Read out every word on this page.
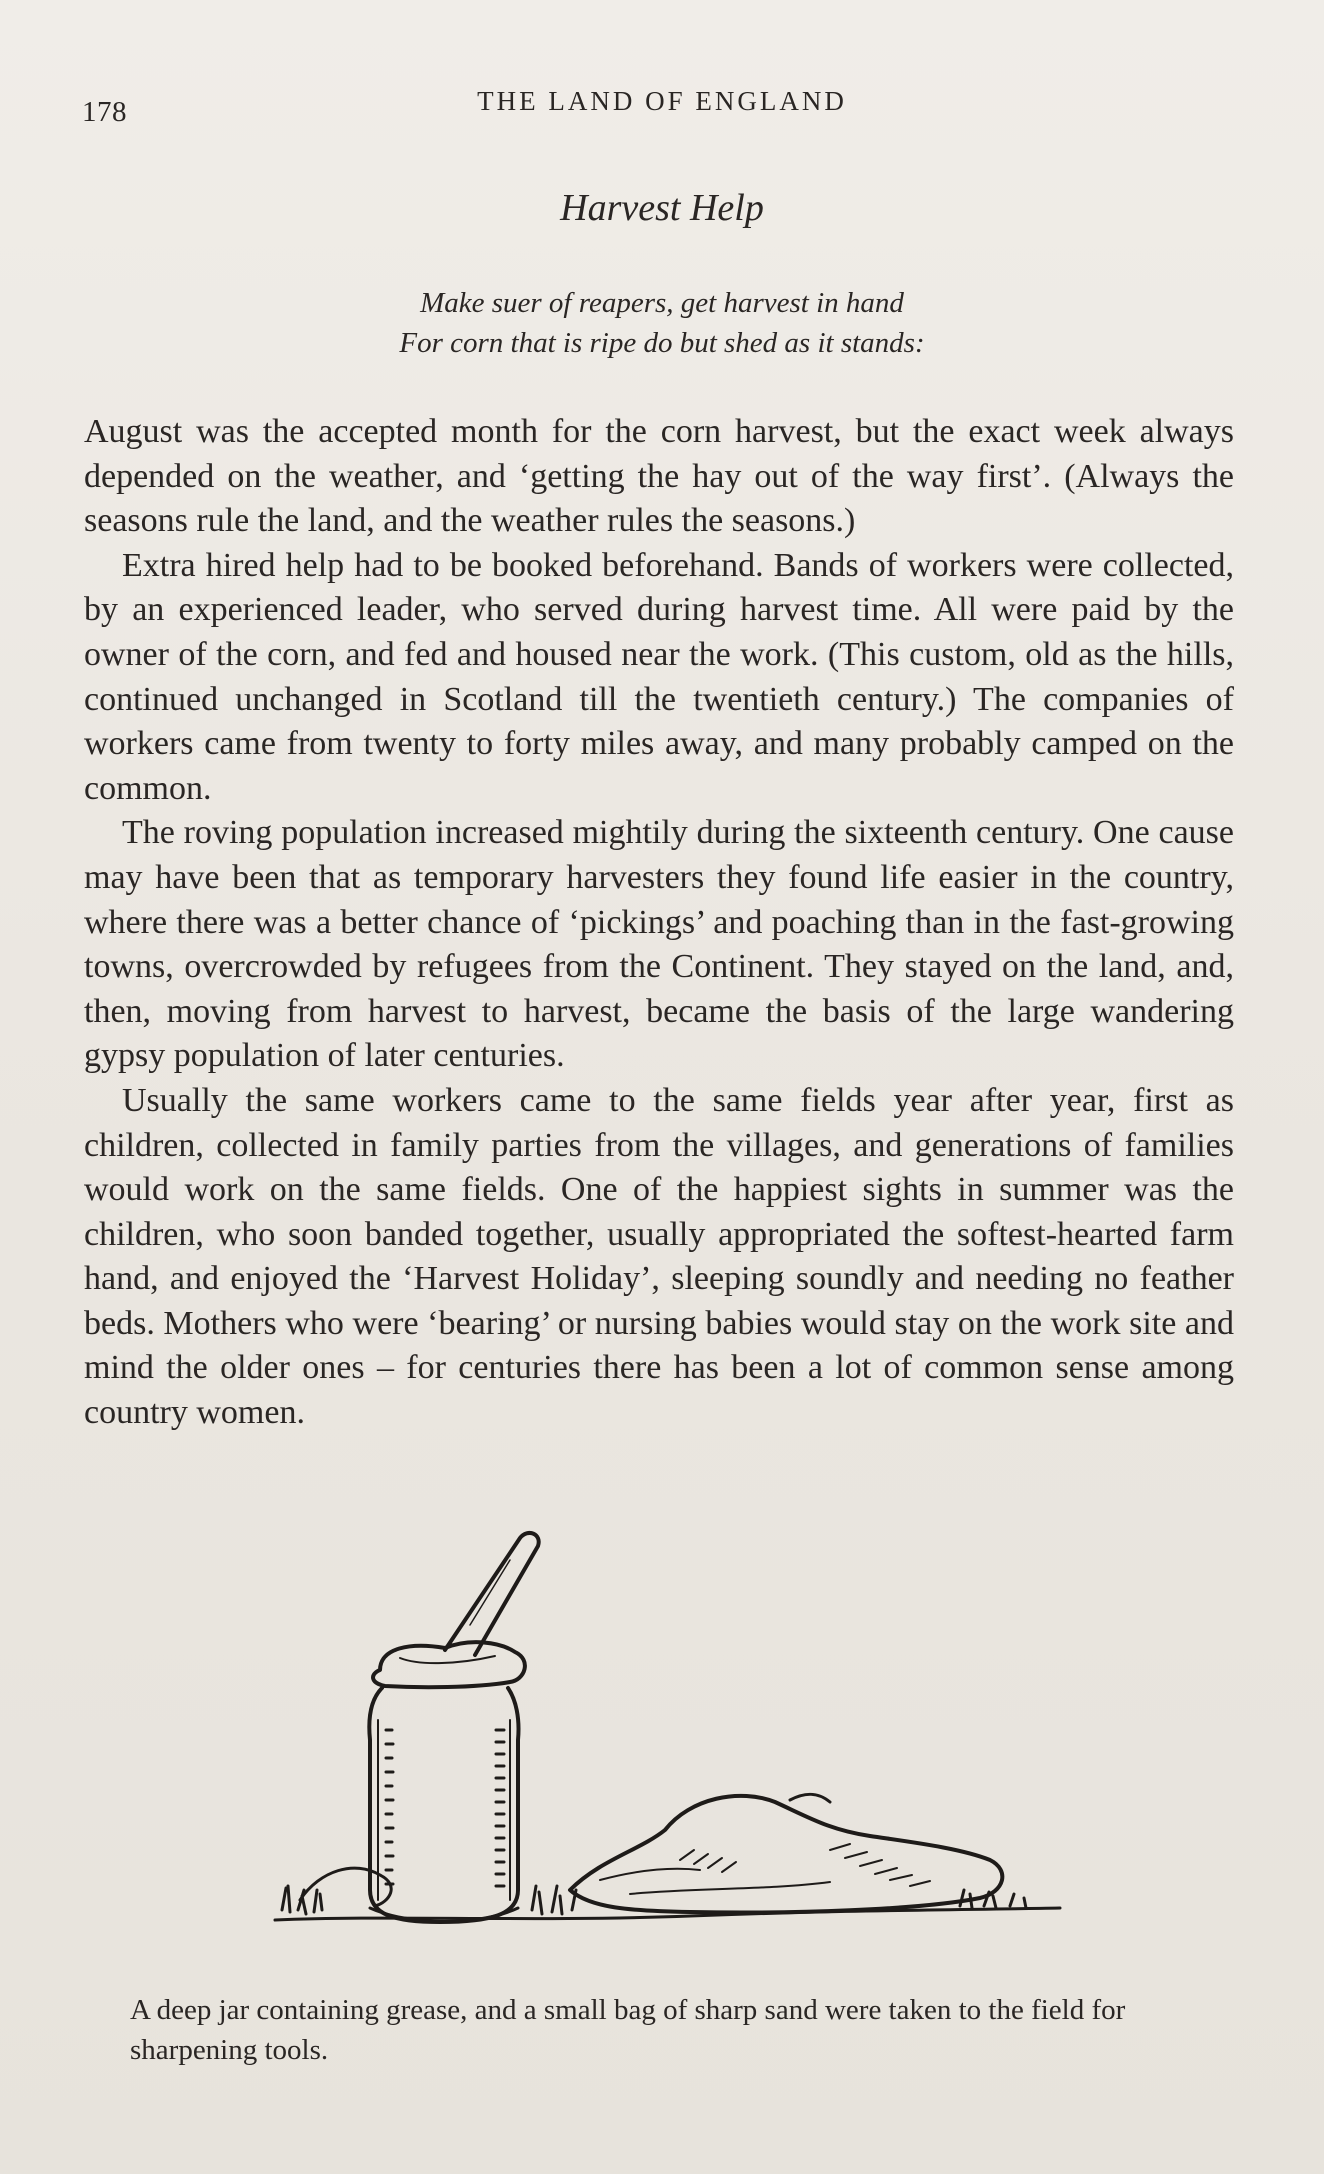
178	THE LAND OF ENGLAND
Harvest Help
Make suer of reapers, get harvest in hand
For corn that is ripe do but shed as it stands:

August was the accepted month for the corn harvest, but the exact week always depended on the weather, and ‘getting the hay out of the way first’. (Always the seasons rule the land, and the weather rules the seasons.)

Extra hired help had to be booked beforehand. Bands of workers were collected, by an experienced leader, who served during harvest time. All were paid by the owner of the corn, and fed and housed near the work. (This custom, old as the hills, continued unchanged in Scotland till the twentieth century.) The companies of workers came from twenty to forty miles away, and many probably camped on the common.

The roving population increased mightily during the sixteenth century. One cause may have been that as temporary harvesters they found life easier in the country, where there was a better chance of ‘pickings’ and poaching than in the fast-growing towns, overcrowded by refugees from the Continent. They stayed on the land, and, then, moving from harvest to harvest, became the basis of the large wandering gypsy population of later centuries.

Usually the same workers came to the same fields year after year, first as children, collected in family parties from the villages, and generations of families would work on the same fields. One of the happiest sights in summer was the children, who soon banded together, usually appropriated the softest-hearted farm hand, and enjoyed the ‘Harvest Holiday’, sleeping soundly and needing no feather beds. Mothers who were ‘bearing’ or nursing babies would stay on the work site and mind the older ones – for centuries there has been a lot of common sense among country women.

A deep jar containing grease, and a small bag of sharp sand were taken to the field for sharpening tools.
